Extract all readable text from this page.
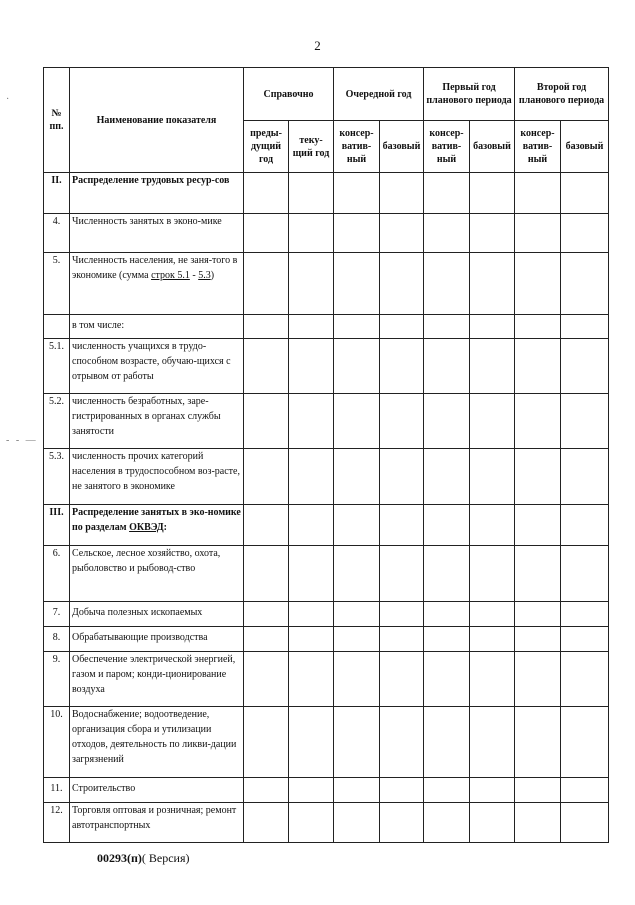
2
№ пп.	Наименование показателя	Справочно		Очередной год		Первый год планового периода		Второй год планового периода	
		преды-дущий год	теку-щий год	консер-ватив-ный	базовый	консер-ватив-ный	базовый	консер-ватив-ный	базовый
II.	Распределение трудовых ресур-сов								
4.	Численность занятых в эконо-мике								
5.	Численность населения, не заня-того в экономике (сумма строк 5.1 - 5.3)								
	в том числе:								
5.1.	численность учащихся в трудо-способном возрасте, обучаю-щихся с отрывом от работы								
5.2.	численность безработных, заре-гистрированных в органах службы занятости								
5.3.	численность прочих категорий населения в трудоспособном воз-расте, не занятого в экономике								
III.	Распределение занятых в эко-номике по разделам ОКВЭД:								
6.	Сельское, лесное хозяйство, охота, рыболовство и рыбовод-ство								
7.	Добыча полезных ископаемых								
8.	Обрабатывающие производства								
9.	Обеспечение электрической энергией, газом и паром; конди-ционирование воздуха								
10.	Водоснабжение; водоотведение, организация сбора и утилизации отходов, деятельность по ликви-дации загрязнений								
11.	Строительство								
12.	Торговля оптовая и розничная; ремонт автотранспортных								
·
- - —
00293(п)( Версия)
